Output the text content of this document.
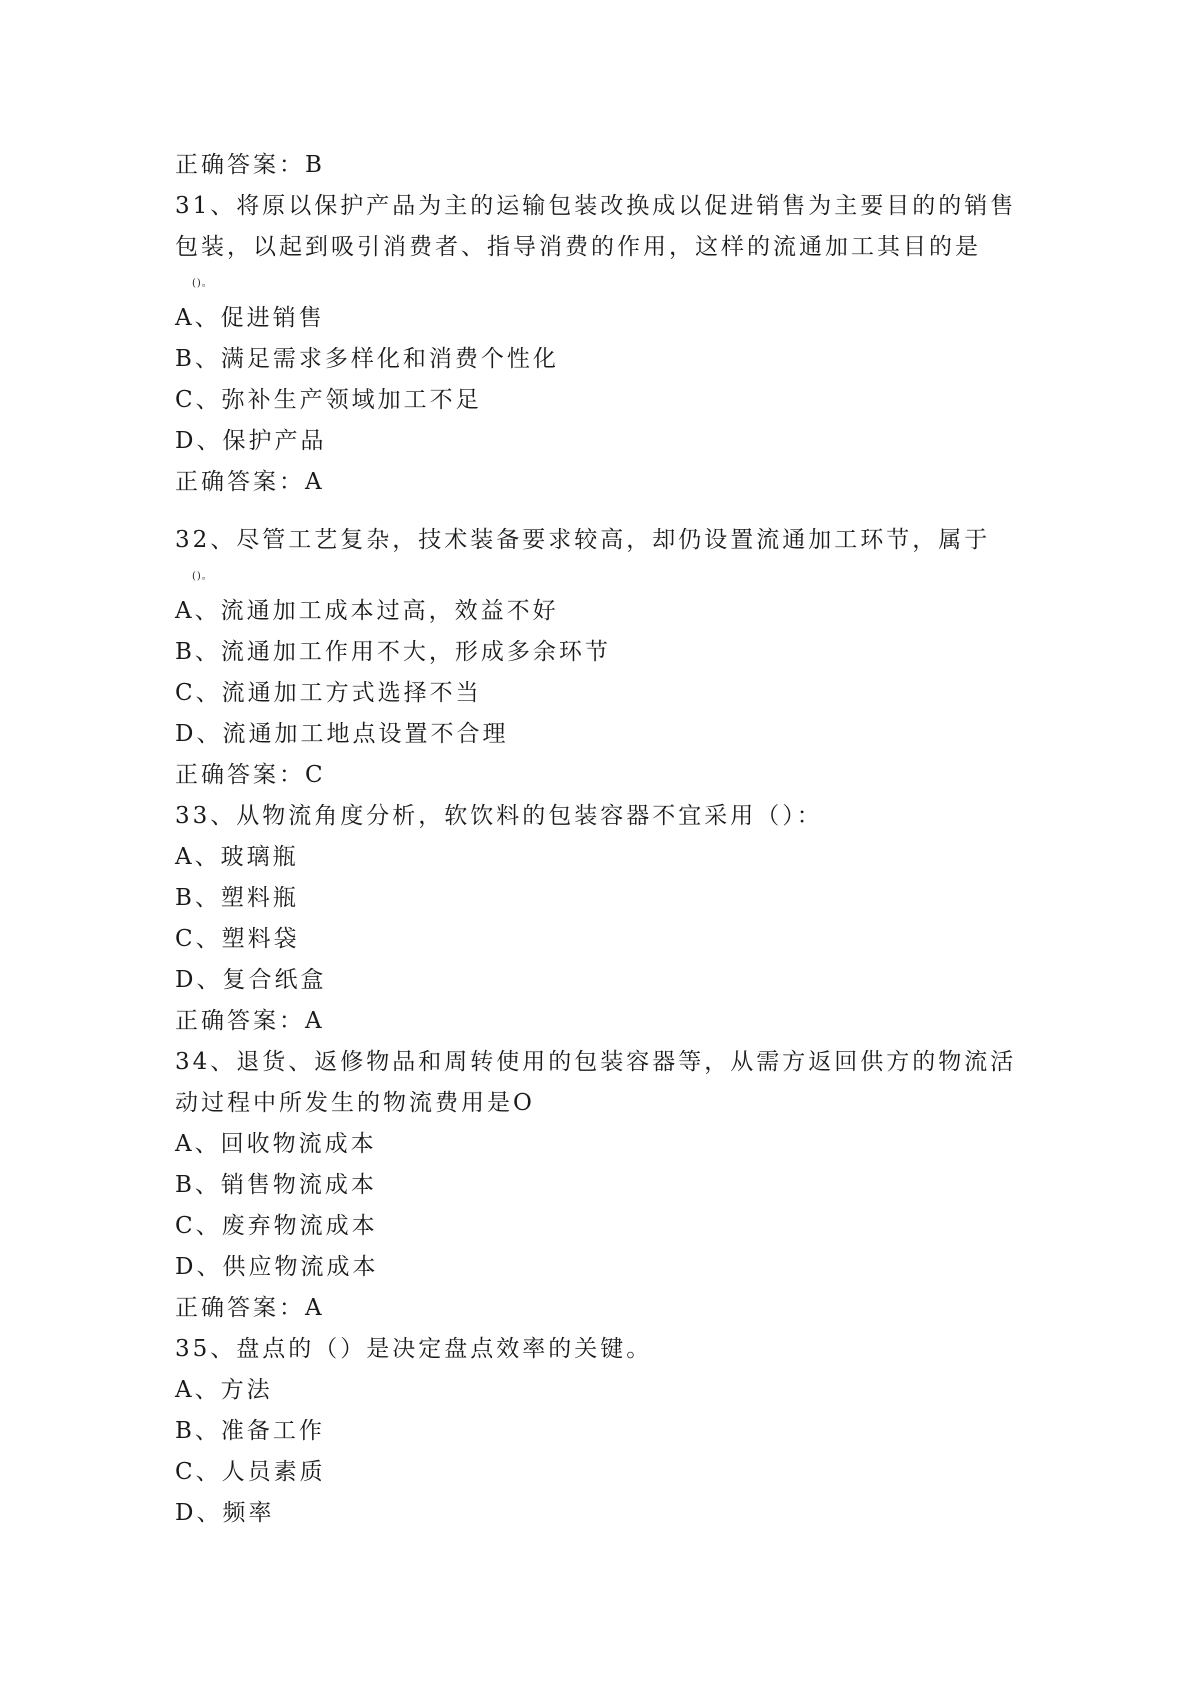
正确答案：B
31、将原以保护产品为主的运输包装改换成以促进销售为主要目的的销售
包装，以起到吸引消费者、指导消费的作用，这样的流通加工其目的是
()。
A、促进销售
B、满足需求多样化和消费个性化
C、弥补生产领域加工不足
D、保护产品
正确答案：A
32、尽管工艺复杂，技术装备要求较高，却仍设置流通加工环节，属于
()。
A、流通加工成本过高，效益不好
B、流通加工作用不大，形成多余环节
C、流通加工方式选择不当
D、流通加工地点设置不合理
正确答案：C
33、从物流角度分析，软饮料的包装容器不宜采用（）：
A、玻璃瓶
B、塑料瓶
C、塑料袋
D、复合纸盒
正确答案：A
34、退货、返修物品和周转使用的包装容器等，从需方返回供方的物流活
动过程中所发生的物流费用是O
A、回收物流成本
B、销售物流成本
C、废弃物流成本
D、供应物流成本
正确答案：A
35、盘点的（）是决定盘点效率的关键。
A、方法
B、准备工作
C、人员素质
D、频率
